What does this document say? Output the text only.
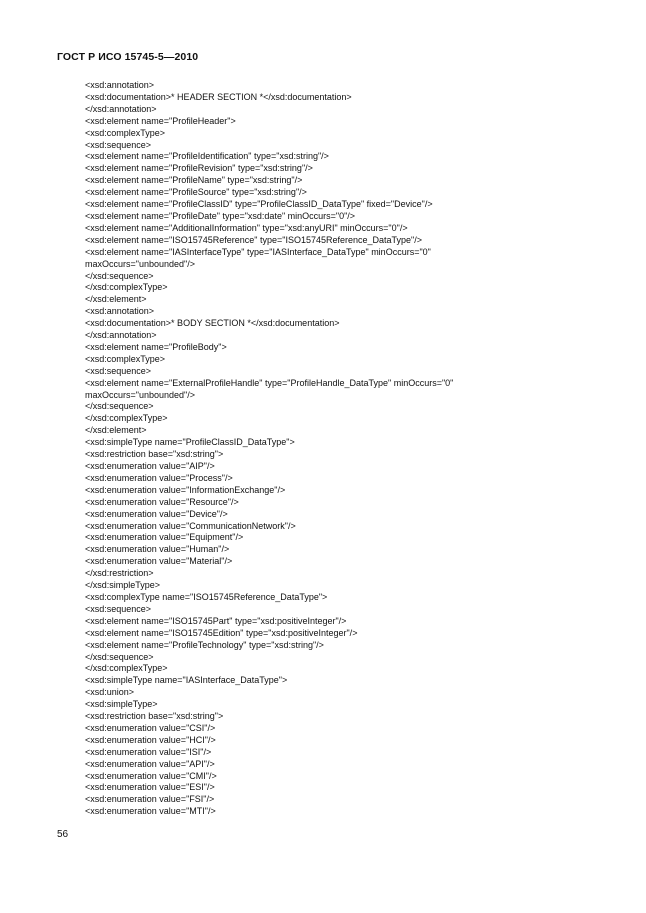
ГОСТ Р ИСО 15745-5—2010
<xsd:annotation>
<xsd:documentation>* HEADER SECTION *</xsd:documentation>
</xsd:annotation>
<xsd:element name="ProfileHeader">
<xsd:complexType>
<xsd:sequence>
<xsd:element name="ProfileIdentification" type="xsd:string"/>
<xsd:element name="ProfileRevision" type="xsd:string"/>
<xsd:element name="ProfileName" type="xsd:string"/>
<xsd:element name="ProfileSource" type="xsd:string"/>
<xsd:element name="ProfileClassID" type="ProfileClassID_DataType" fixed="Device"/>
<xsd:element name="ProfileDate" type="xsd:date" minOccurs="0"/>
<xsd:element name="AdditionalInformation" type="xsd:anyURI" minOccurs="0"/>
<xsd:element name="ISO15745Reference" type="ISO15745Reference_DataType"/>
<xsd:element name="IASInterfaceType" type="IASInterface_DataType" minOccurs="0"
maxOccurs="unbounded"/>
</xsd:sequence>
</xsd:complexType>
</xsd:element>
<xsd:annotation>
<xsd:documentation>* BODY SECTION *</xsd:documentation>
</xsd:annotation>
<xsd:element name="ProfileBody">
<xsd:complexType>
<xsd:sequence>
<xsd:element name="ExternalProfileHandle" type="ProfileHandle_DataType" minOccurs="0"
maxOccurs="unbounded"/>
</xsd:sequence>
</xsd:complexType>
</xsd:element>
<xsd:simpleType name="ProfileClassID_DataType">
<xsd:restriction base="xsd:string">
<xsd:enumeration value="AIP"/>
<xsd:enumeration value="Process"/>
<xsd:enumeration value="InformationExchange"/>
<xsd:enumeration value="Resource"/>
<xsd:enumeration value="Device"/>
<xsd:enumeration value="CommunicationNetwork"/>
<xsd:enumeration value="Equipment"/>
<xsd:enumeration value="Human"/>
<xsd:enumeration value="Material"/>
</xsd:restriction>
</xsd:simpleType>
<xsd:complexType name="ISO15745Reference_DataType">
<xsd:sequence>
<xsd:element name="ISO15745Part" type="xsd:positiveInteger"/>
<xsd:element name="ISO15745Edition" type="xsd:positiveInteger"/>
<xsd:element name="ProfileTechnology" type="xsd:string"/>
</xsd:sequence>
</xsd:complexType>
<xsd:simpleType name="IASInterface_DataType">
<xsd:union>
<xsd:simpleType>
<xsd:restriction base="xsd:string">
<xsd:enumeration value="CSI"/>
<xsd:enumeration value="HCI"/>
<xsd:enumeration value="ISI"/>
<xsd:enumeration value="API"/>
<xsd:enumeration value="CMI"/>
<xsd:enumeration value="ESI"/>
<xsd:enumeration value="FSI"/>
<xsd:enumeration value="MTI"/>
56
